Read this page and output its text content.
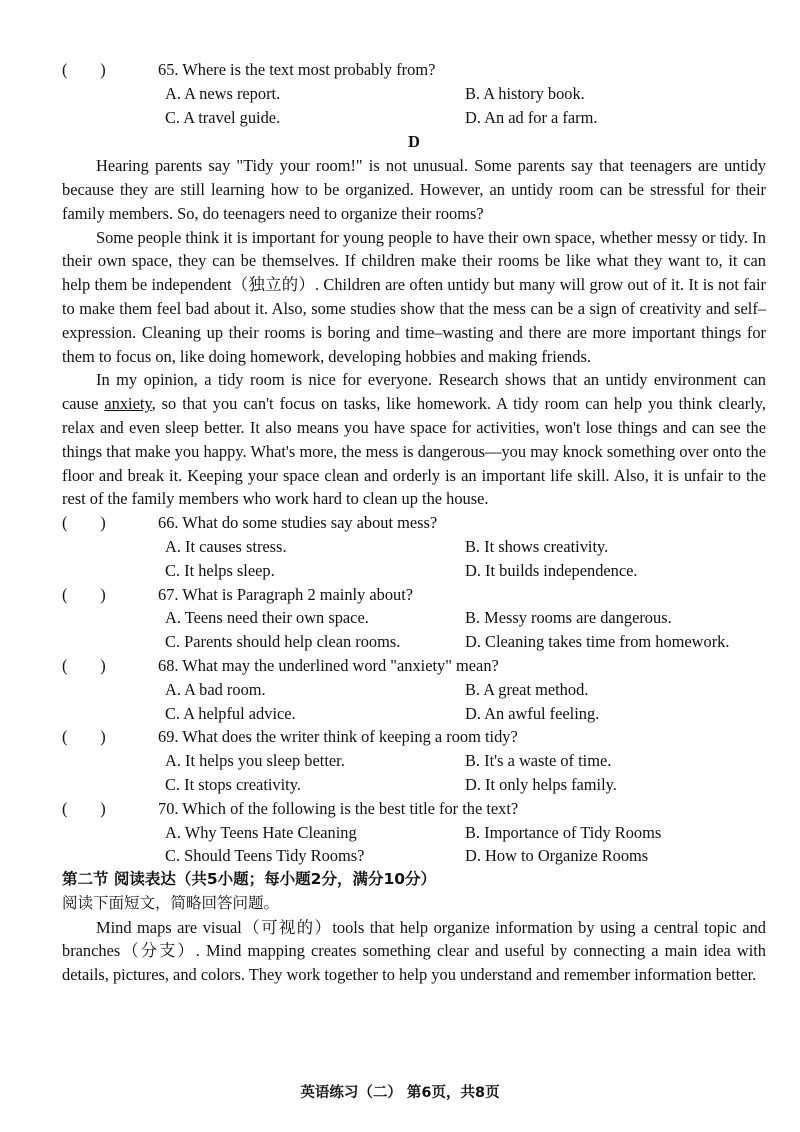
(        )	65. Where is the text most probably from?
A. A news report.	B. A history book.
C. A travel guide.	D. An ad for a farm.
D

Hearing parents say "Tidy your room!" is not unusual. Some parents say that teenagers are untidy because they are still learning how to be organized. However, an untidy room can be stressful for their family members. So, do teenagers need to organize their rooms?

Some people think it is important for young people to have their own space, whether messy or tidy. In their own space, they can be themselves. If children make their rooms be like what they want to, it can help them be independent（独立的）. Children are often untidy but many will grow out of it. It is not fair to make them feel bad about it. Also, some studies show that the mess can be a sign of creativity and self–expression. Cleaning up their rooms is boring and time–wasting and there are more important things for them to focus on, like doing homework, developing hobbies and making friends.

In my opinion, a tidy room is nice for everyone. Research shows that an untidy environment can cause anxiety, so that you can't focus on tasks, like homework. A tidy room can help you think clearly, relax and even sleep better. It also means you have space for activities, won't lose things and can see the things that make you happy. What's more, the mess is dangerous—you may knock something over onto the floor and break it. Keeping your space clean and orderly is an important life skill. Also, it is unfair to the rest of the family members who work hard to clean up the house.

(        )	66. What do some studies say about mess?
A. It causes stress.	B. It shows creativity.
C. It helps sleep.	D. It builds independence.
(        )	67. What is Paragraph 2 mainly about?
A. Teens need their own space.	B. Messy rooms are dangerous.
C. Parents should help clean rooms.	D. Cleaning takes time from homework.
(        )	68. What may the underlined word "anxiety" mean?
A. A bad room.	B. A great method.
C. A helpful advice.	D. An awful feeling.
(        )	69. What does the writer think of keeping a room tidy?
A. It helps you sleep better.	B. It's a waste of time.
C. It stops creativity.	D. It only helps family.
(        )	70. Which of the following is the best title for the text?
A. Why Teens Hate Cleaning	B. Importance of Tidy Rooms
C. Should Teens Tidy Rooms?	D. How to Organize Rooms
第二节 阅读表达（共5小题；每小题2分，满分10分）
阅读下面短文，简略回答问题。

Mind maps are visual（可视的）tools that help organize information by using a central topic and branches（分支）. Mind mapping creates something clear and useful by connecting a main idea with details, pictures, and colors. They work together to help you understand and remember information better.

英语练习（二） 第6页，共8页
